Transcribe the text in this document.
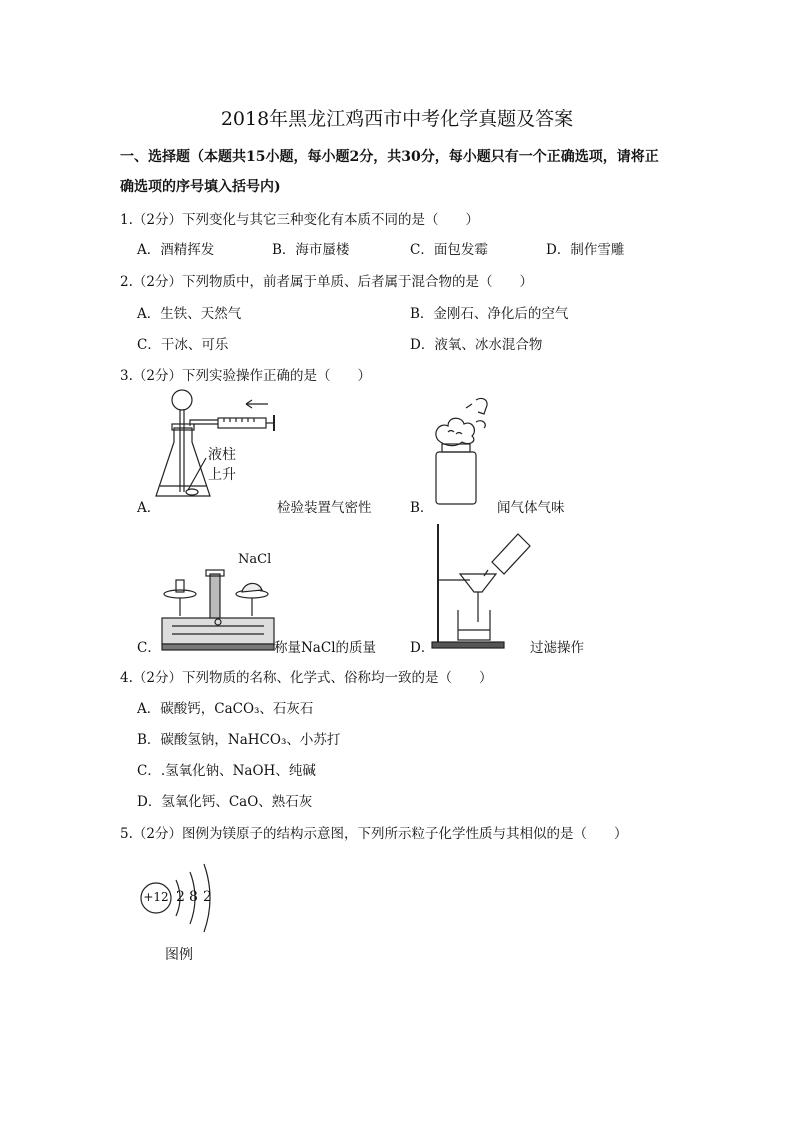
2018年黑龙江鸡西市中考化学真题及答案
一、选择题（本题共15小题，每小题2分，共30分，每小题只有一个正确选项，请将正
确选项的序号填入括号内)
1.（2分）下列变化与其它三种变化有本质不同的是（　　）
A．酒精挥发	B．海市蜃楼	C．面包发霉	D．制作雪雕
2.（2分）下列物质中，前者属于单质、后者属于混合物的是（　　）
A．生铁、天然气	B．金刚石、净化后的空气
C．干冰、可乐	D．液氧、冰水混合物
3.（2分）下列实验操作正确的是（　　）
液柱
上升
A．	检验装置气密性	B．	闻气体气味
NaCl
C．	称量NaCl的质量	D．	过滤操作
4.（2分）下列物质的名称、化学式、俗称均一致的是（　　）
A．碳酸钙，CaCO₃、石灰石
B．碳酸氢钠，NaHCO₃、小苏打
C．.氢氧化钠、NaOH、纯碱
D．氢氧化钙、CaO、熟石灰
5.（2分）图例为镁原子的结构示意图，下列所示粒子化学性质与其相似的是（　　）
+12 2 8 2
图例
